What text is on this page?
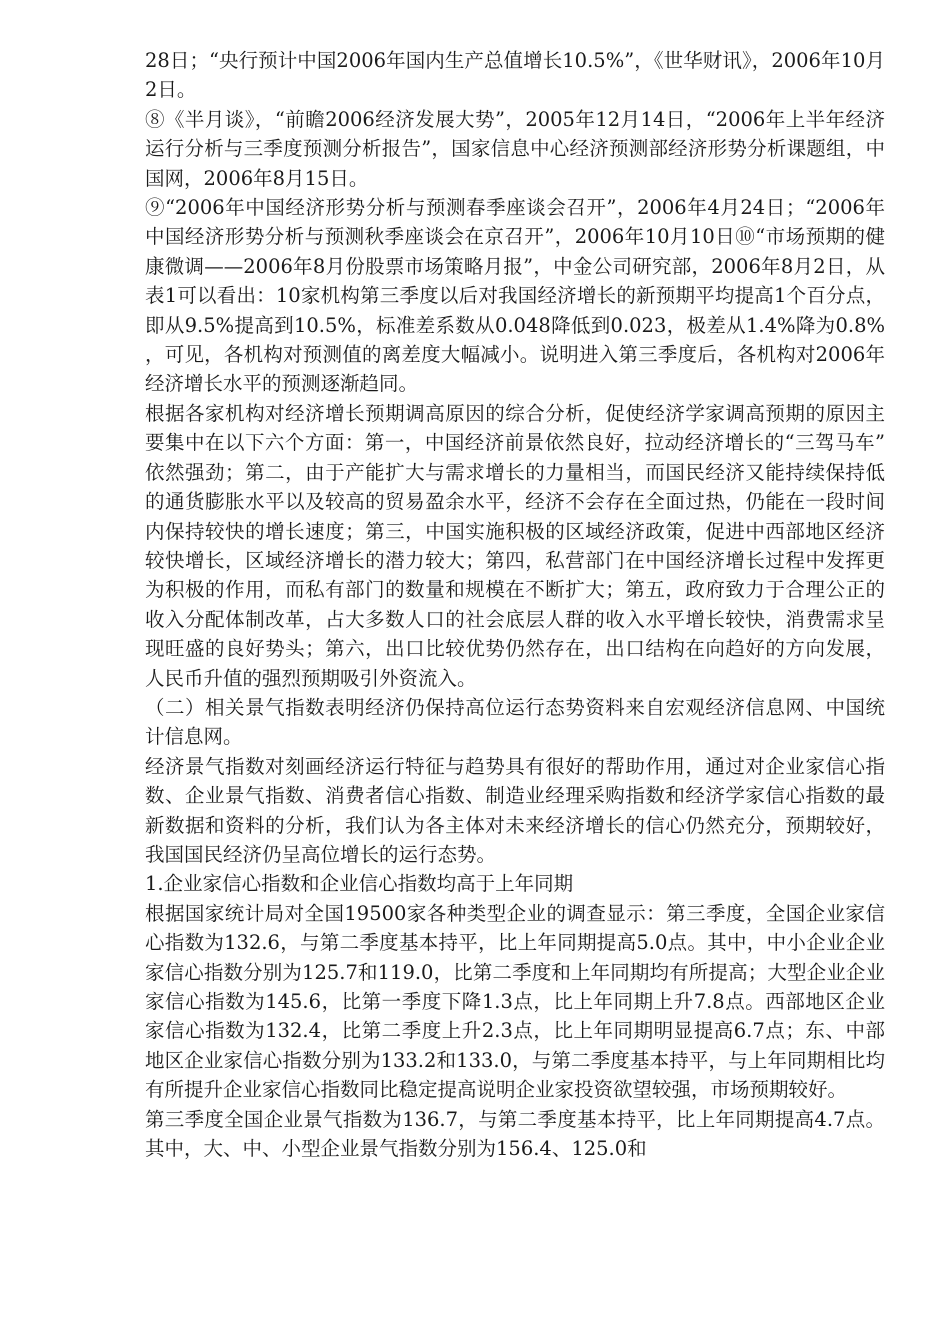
28日；“央行预计中国2006年国内生产总值增长10.5%”，《世华财讯》，2006年10月2日。

⑧《半月谈》，“前瞻2006经济发展大势”，2005年12月14日，“2006年上半年经济运行分析与三季度预测分析报告”，国家信息中心经济预测部经济形势分析课题组，中国网，2006年8月15日。

⑨“2006年中国经济形势分析与预测春季座谈会召开”，2006年4月24日；“2006年中国经济形势分析与预测秋季座谈会在京召开”，2006年10月10日⑩“市场预期的健康微调——2006年8月份股票市场策略月报”，中金公司研究部，2006年8月2日，从表1可以看出：10家机构第三季度以后对我国经济增长的新预期平均提高1个百分点，即从9.5%提高到10.5%，标准差系数从0.048降低到0.023，极差从1.4%降为0.8%，可见，各机构对预测值的离差度大幅减小。说明进入第三季度后，各机构对2006年经济增长水平的预测逐渐趋同。

根据各家机构对经济增长预期调高原因的综合分析，促使经济学家调高预期的原因主要集中在以下六个方面：第一，中国经济前景依然良好，拉动经济增长的“三驾马车”依然强劲；第二，由于产能扩大与需求增长的力量相当，而国民经济又能持续保持低的通货膨胀水平以及较高的贸易盈余水平，经济不会存在全面过热，仍能在一段时间内保持较快的增长速度；第三，中国实施积极的区域经济政策，促进中西部地区经济较快增长，区域经济增长的潜力较大；第四，私营部门在中国经济增长过程中发挥更为积极的作用，而私有部门的数量和规模在不断扩大；第五，政府致力于合理公正的收入分配体制改革，占大多数人口的社会底层人群的收入水平增长较快，消费需求呈现旺盛的良好势头；第六，出口比较优势仍然存在，出口结构在向趋好的方向发展，人民币升值的强烈预期吸引外资流入。

（二）相关景气指数表明经济仍保持高位运行态势资料来自宏观经济信息网、中国统计信息网。

经济景气指数对刻画经济运行特征与趋势具有很好的帮助作用，通过对企业家信心指数、企业景气指数、消费者信心指数、制造业经理采购指数和经济学家信心指数的最新数据和资料的分析，我们认为各主体对未来经济增长的信心仍然充分，预期较好，我国国民经济仍呈高位增长的运行态势。

1.企业家信心指数和企业信心指数均高于上年同期

根据国家统计局对全国19500家各种类型企业的调查显示：第三季度，全国企业家信心指数为132.6，与第二季度基本持平，比上年同期提高5.0点。其中，中小企业企业家信心指数分别为125.7和119.0，比第二季度和上年同期均有所提高；大型企业企业家信心指数为145.6，比第一季度下降1.3点，比上年同期上升7.8点。西部地区企业家信心指数为132.4，比第二季度上升2.3点，比上年同期明显提高6.7点；东、中部地区企业家信心指数分别为133.2和133.0，与第二季度基本持平，与上年同期相比均有所提升企业家信心指数同比稳定提高说明企业家投资欲望较强，市场预期较好。

第三季度全国企业景气指数为136.7，与第二季度基本持平，比上年同期提高4.7点。其中，大、中、小型企业景气指数分别为156.4、125.0和
